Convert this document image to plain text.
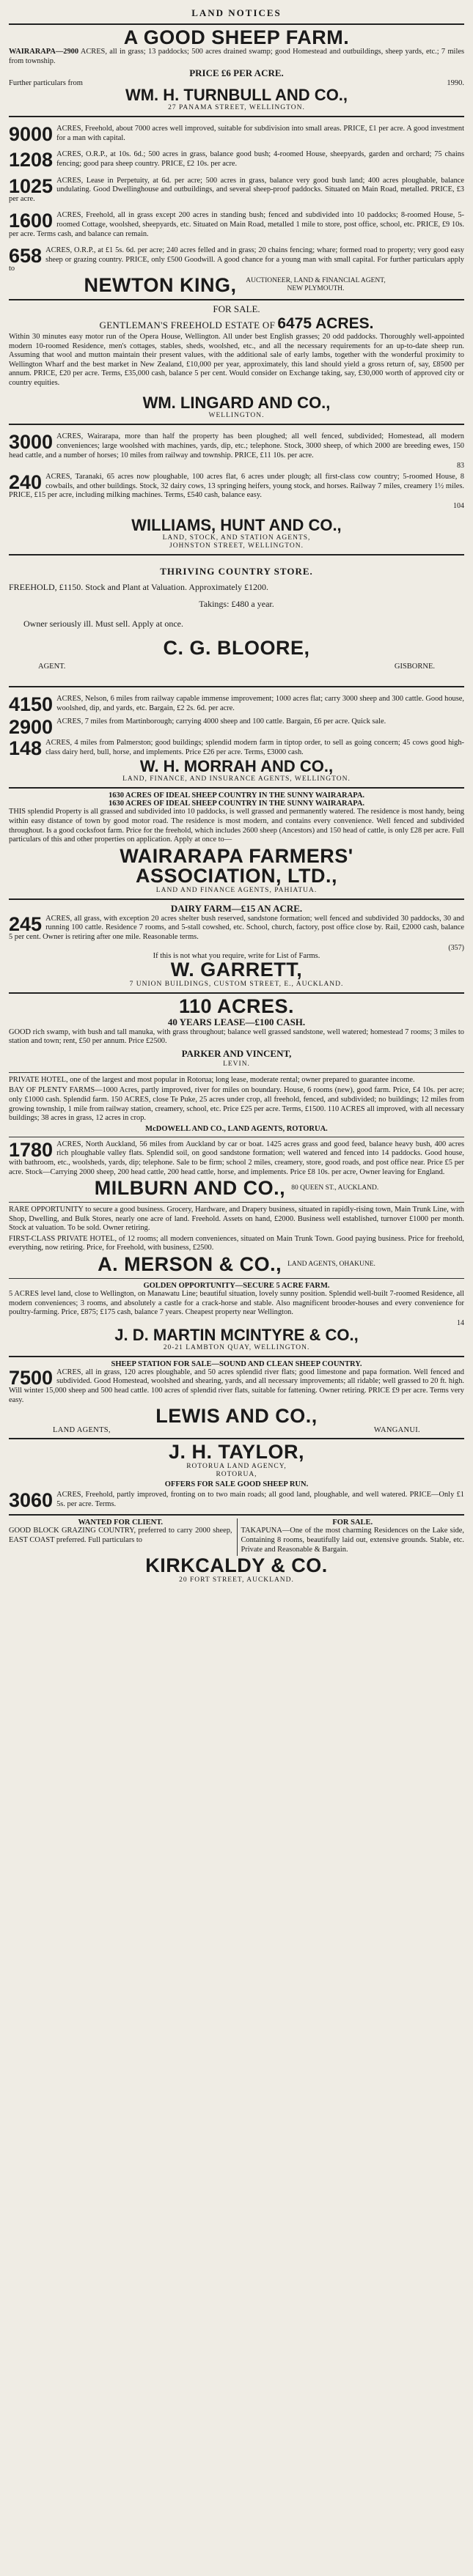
LAND NOTICES
A GOOD SHEEP FARM.

WAIRARAPA—2900 ACRES, all in grass; 13 paddocks; 500 acres drained swamp; good Homestead and outbuildings, sheep yards, etc.; 7 miles from township.

PRICE £6 PER ACRE.
Further particulars from	1990.
WM. H. TURNBULL AND CO.,
27 PANAMA STREET, WELLINGTON.
9000 ACRES, Freehold, about 7000 acres well improved, suitable for subdivision into small areas. PRICE, £1 per acre. A good investment for a man with capital.

1208 ACRES, O.R.P., at 10s. 6d.; 500 acres in grass, balance good bush; 4-roomed House, sheepyards, garden and orchard; 75 chains fencing; good para sheep country. PRICE, £2 10s. per acre.

1025 ACRES, Lease in Perpetuity, at 6d. per acre; 500 acres in grass, balance very good bush land; 400 acres ploughable, balance undulating. Good Dwellinghouse and outbuildings, and several sheep-proof paddocks. Situated on Main Road, metalled. PRICE, £3 per acre.

1600 ACRES, Freehold, all in grass except 200 acres in standing bush; fenced and subdivided into 10 paddocks; 8-roomed House, 5-roomed Cottage, woolshed, sheepyards, etc. Situated on Main Road, metalled 1 mile to store, post office, school, etc. PRICE, £9 10s. per acre. Terms cash, and balance can remain.

658 ACRES, O.R.P., at £1 5s. 6d. per acre; 240 acres felled and in grass; 20 chains fencing; whare; formed road to property; very good easy sheep or grazing country. PRICE, only £500 Goodwill. A good chance for a young man with small capital. For further particulars apply to

NEWTON KING,	AUCTIONEER, LAND & FINANCIAL AGENT, NEW PLYMOUTH.
FOR SALE.
GENTLEMAN'S FREEHOLD ESTATE OF 6475 ACRES.

Within 30 minutes easy motor run of the Opera House, Wellington. All under best English grasses; 20 odd paddocks. Thoroughly well-appointed modern 10-roomed Residence, men's cottages, stables, sheds, woolshed, etc., and all the necessary requirements for an up-to-date sheep run. Assuming that wool and mutton maintain their present values, with the additional sale of early lambs, together with the wonderful proximity to Wellington Wharf and the best market in New Zealand, £10,000 per year, approximately, this land should yield a gross return of, say, £8500 per annum. PRICE, £20 per acre. Terms, £35,000 cash, balance 5 per cent. Would consider on Exchange taking, say, £30,000 worth of approved city or country equities.

WM. LINGARD AND CO.,
WELLINGTON.
3000 ACRES, Wairarapa, more than half the property has been ploughed; all well fenced, subdivided; Homestead, all modern conveniences; large woolshed with machines, yards, dip, etc.; telephone. Stock, 3000 sheep, of which 2000 are breeding ewes, 150 head cattle, and a number of horses; 10 miles from railway and township. PRICE, £11 10s. per acre.

83
240 ACRES, Taranaki, 65 acres now ploughable, 100 acres flat, 6 acres under plough; all first-class cow country; 5-roomed House, 8 cowbails, and other buildings. Stock, 32 dairy cows, 13 springing heifers, young stock, and horses. Railway 7 miles, creamery 1½ miles. PRICE, £15 per acre, including milking machines. Terms, £540 cash, balance easy.

104
WILLIAMS, HUNT AND CO.,
LAND, STOCK, AND STATION AGENTS,
JOHNSTON STREET, WELLINGTON.
THRIVING COUNTRY STORE.

FREEHOLD, £1150. Stock and Plant at Valuation. Approximately £1200.

Takings: £480 a year.
Owner seriously ill. Must sell. Apply at once.
C. G. BLOORE,
AGENT.	GISBORNE.
4150 ACRES, Nelson, 6 miles from railway capable immense improvement; 1000 acres flat; carry 3000 sheep and 300 cattle. Good house, woolshed, dip, and yards, etc. Bargain, £2 2s. 6d. per acre.

2900 ACRES, 7 miles from Martinborough; carrying 4000 sheep and 100 cattle. Bargain, £6 per acre. Quick sale.

148 ACRES, 4 miles from Palmerston; good buildings; splendid modern farm in tiptop order, to sell as going concern; 45 cows good high-class dairy herd, bull, horse, and implements. Price £26 per acre. Terms, £3000 cash.

W. H. MORRAH AND CO.,
LAND, FINANCE, AND INSURANCE AGENTS, WELLINGTON.
1630 ACRES OF IDEAL SHEEP COUNTRY IN THE SUNNY WAIRARAPA.
1630 ACRES OF IDEAL SHEEP COUNTRY IN THE SUNNY WAIRARAPA.

THIS splendid Property is all grassed and subdivided into 10 paddocks, is well grassed and permanently watered. The residence is most handy, being within easy distance of town by good motor road. The residence is most modern, and contains every convenience. Well fenced and subdivided throughout. Is a good cocksfoot farm. Price for the freehold, which includes 2600 sheep (Ancestors) and 150 head of cattle, is only £28 per acre. Full particulars of this and other properties on application. Apply at once to—

WAIRARAPA FARMERS'
ASSOCIATION, LTD.,
LAND AND FINANCE AGENTS, PAHIATUA.
DAIRY FARM—£15 AN ACRE.
245 ACRES, all grass, with exception 20 acres shelter bush reserved, sandstone formation; well fenced and subdivided 30 paddocks, 30 and running 100 cattle. Residence 7 rooms, and 5-stall cowshed, etc. School, church, factory, post office close by. Rail, £2000 cash, balance 5 per cent. Owner is retiring after one mile. Reasonable terms.

(357)
If this is not what you require, write for List of Farms.
W. GARRETT,
7 UNION BUILDINGS, CUSTOM STREET, E., AUCKLAND.
110 ACRES.
40 YEARS LEASE—£100 CASH.

GOOD rich swamp, with bush and tall manuka, with grass throughout; balance well grassed sandstone, well watered; homestead 7 rooms; 3 miles to station and town; rent, £50 per annum. Price £2500.

PARKER AND VINCENT,
LEVIN.

PRIVATE HOTEL, one of the largest and most popular in Rotorua; long lease, moderate rental; owner prepared to guarantee income.

BAY OF PLENTY FARMS—1000 Acres, partly improved, river for miles on boundary. House, 6 rooms (new), good farm. Price, £4 10s. per acre; only £1000 cash. Splendid farm. 150 ACRES, close Te Puke, 25 acres under crop, all freehold, fenced, and subdivided; no buildings; 12 miles from growing township, 1 mile from railway station, creamery, school, etc. Price £25 per acre. Terms, £1500. 110 ACRES all improved, with all necessary buildings; 38 acres in grass, 12 acres in crop.

McDOWELL AND CO., LAND AGENTS, ROTORUA.
1780 ACRES, North Auckland, 56 miles from Auckland by car or boat. 1425 acres grass and good feed, balance heavy bush, 400 acres rich ploughable valley flats. Splendid soil, on good sandstone formation; well watered and fenced into 14 paddocks. Good house, with bathroom, etc., woolsheds, yards, dip; telephone. Sale to be firm; school 2 miles, creamery, store, good roads, and post office near. Price £5 per acre. Stock—Carrying 2000 sheep, 200 head cattle, 200 head cattle, horse, and implements. Price £8 10s. per acre, Owner leaving for England.

MILBURN AND CO., 80 QUEEN ST., AUCKLAND.

RARE OPPORTUNITY to secure a good business. Grocery, Hardware, and Drapery business, situated in rapidly-rising town, Main Trunk Line, with Shop, Dwelling, and Bulk Stores, nearly one acre of land. Freehold. Assets on hand, £2000. Business well established, turnover £1000 per month. Stock at valuation. To be sold. Owner retiring.

FIRST-CLASS PRIVATE HOTEL, of 12 rooms; all modern conveniences, situated on Main Trunk Town. Good paying business. Price for freehold, everything, now retiring. Price, for Freehold, with business, £2500.

A. MERSON & CO., LAND AGENTS, OHAKUNE.
GOLDEN OPPORTUNITY—SECURE 5 ACRE FARM.

5 ACRES level land, close to Wellington, on Manawatu Line; beautiful situation, lovely sunny position. Splendid well-built 7-roomed Residence, all modern conveniences; 3 rooms, and absolutely a castle for a crack-horse and stable. Also magnificent brooder-houses and every convenience for poultry-farming. Price, £875; £175 cash, balance 7 years. Cheapest property near Wellington.

14
J. D. MARTIN MCINTYRE & CO.,
20-21 LAMBTON QUAY, WELLINGTON.
SHEEP STATION FOR SALE—SOUND AND CLEAN SHEEP COUNTRY.
7500 ACRES, all in grass, 120 acres ploughable, and 50 acres splendid river flats; good limestone and papa formation. Well fenced and subdivided. Good Homestead, woolshed and shearing, yards, and all necessary improvements; all ridable; well grassed to 20 ft. high. Will winter 15,000 sheep and 500 head cattle. 100 acres of splendid river flats, suitable for fattening. Owner retiring. PRICE £9 per acre. Terms very easy.

LEWIS AND CO.,
LAND AGENTS,	WANGANUI.
J. H. TAYLOR,
ROTORUA LAND AGENCY,
ROTORUA,
OFFERS FOR SALE GOOD SHEEP RUN.
3060 ACRES, Freehold, partly improved, fronting on to two main roads; all good land, ploughable, and well watered. PRICE—Only £1 5s. per acre. Terms.

WANTED FOR CLIENT.

GOOD BLOCK GRAZING COUNTRY, preferred to carry 2000 sheep, EAST COAST preferred. Full particulars to

FOR SALE.

TAKAPUNA—One of the most charming Residences on the Lake side, Containing 8 rooms, beautifully laid out, extensive grounds. Stable, etc. Private and Reasonable & Bargain.

KIRKCALDY & CO.
20 FORT STREET, AUCKLAND.
